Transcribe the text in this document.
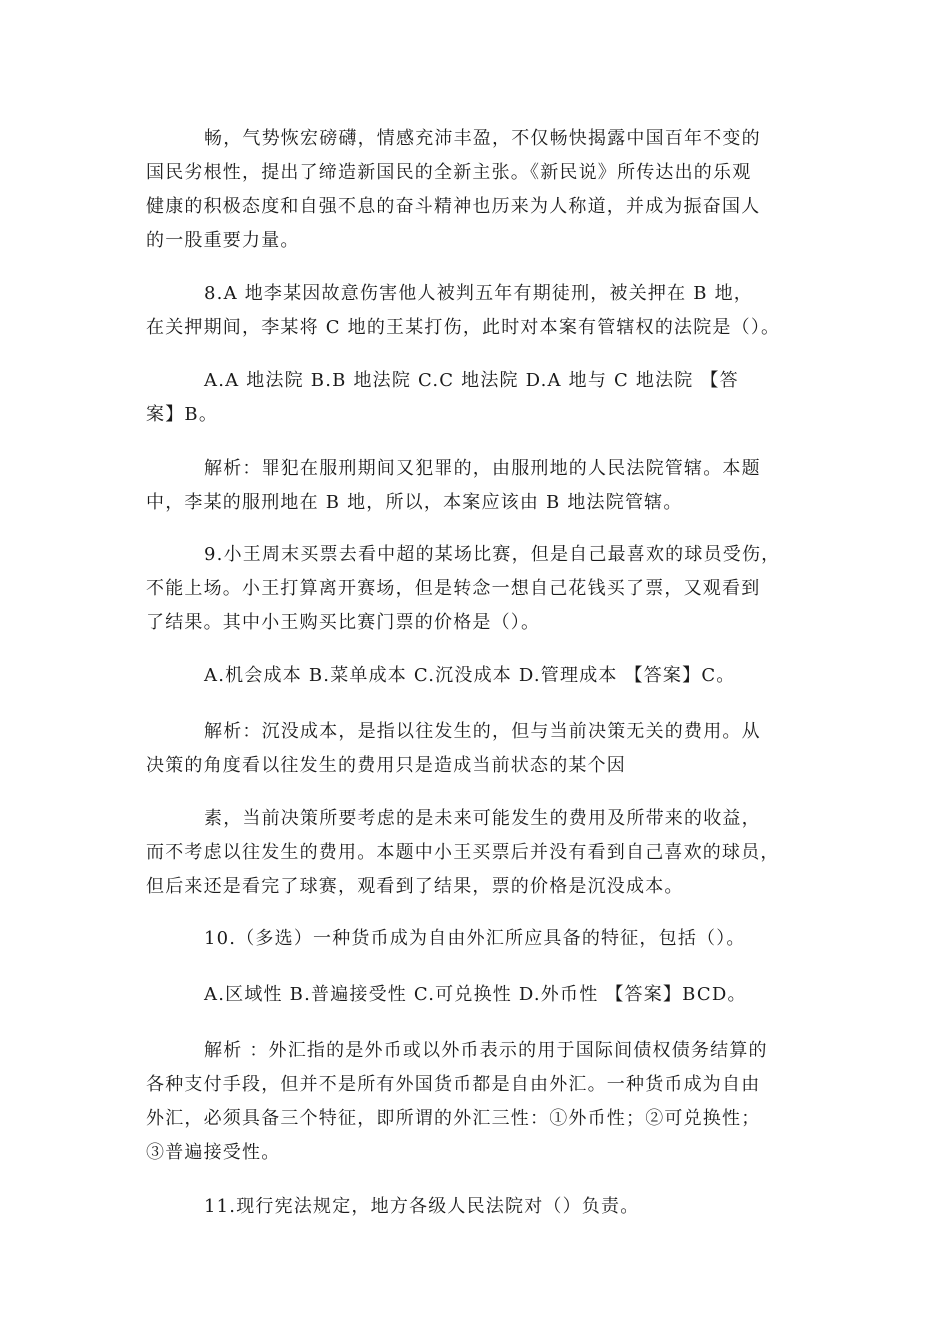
畅，气势恢宏磅礴，情感充沛丰盈，不仅畅快揭露中国百年不变的
国民劣根性，提出了缔造新国民的全新主张。《新民说》所传达出的乐观
健康的积极态度和自强不息的奋斗精神也历来为人称道，并成为振奋国人
的一股重要力量。
8.A 地李某因故意伤害他人被判五年有期徒刑，被关押在 B 地，
在关押期间，李某将 C 地的王某打伤，此时对本案有管辖权的法院是（）。
A.A 地法院 B.B 地法院 C.C 地法院 D.A 地与 C 地法院 【答
案】B。
解析：罪犯在服刑期间又犯罪的，由服刑地的人民法院管辖。本题
中，李某的服刑地在 B 地，所以，本案应该由 B 地法院管辖。
9.小王周末买票去看中超的某场比赛，但是自己最喜欢的球员受伤，
不能上场。小王打算离开赛场，但是转念一想自己花钱买了票，又观看到
了结果。其中小王购买比赛门票的价格是（）。
A.机会成本 B.菜单成本 C.沉没成本 D.管理成本 【答案】C。
解析：沉没成本，是指以往发生的，但与当前决策无关的费用。从
决策的角度看以往发生的费用只是造成当前状态的某个因
素，当前决策所要考虑的是未来可能发生的费用及所带来的收益，
而不考虑以往发生的费用。本题中小王买票后并没有看到自己喜欢的球员，
但后来还是看完了球赛，观看到了结果，票的价格是沉没成本。
10.（多选）一种货币成为自由外汇所应具备的特征，包括（）。
A.区域性 B.普遍接受性 C.可兑换性 D.外币性 【答案】BCD。
解析 ：外汇指的是外币或以外币表示的用于国际间债权债务结算的
各种支付手段，但并不是所有外国货币都是自由外汇。一种货币成为自由
外汇，必须具备三个特征，即所谓的外汇三性：①外币性；②可兑换性；
③普遍接受性。
11.现行宪法规定，地方各级人民法院对（）负责。
